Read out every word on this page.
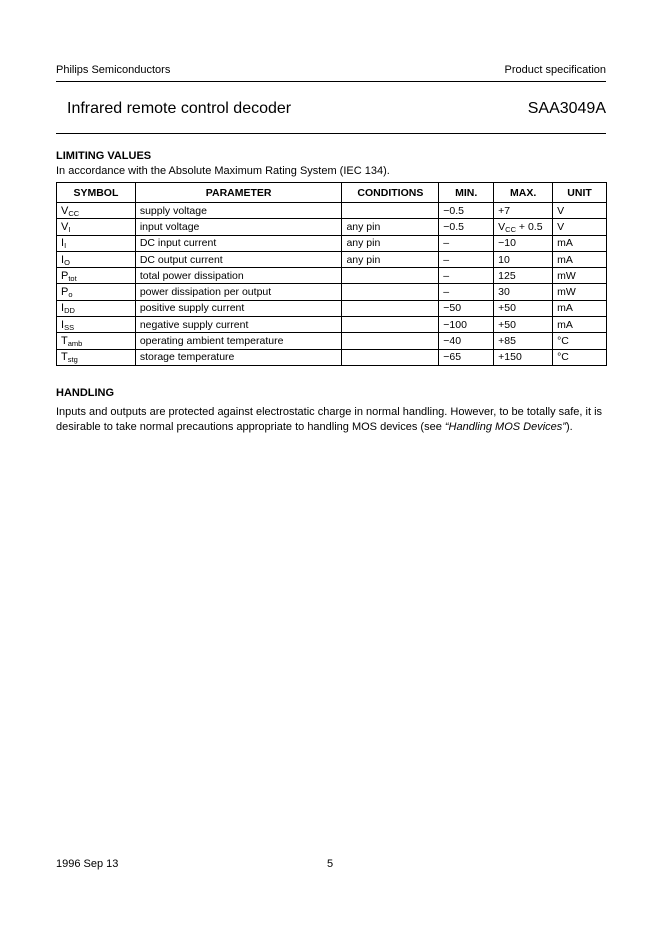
Philips Semiconductors	Product specification
Infrared remote control decoder	SAA3049A
LIMITING VALUES
In accordance with the Absolute Maximum Rating System (IEC 134).
SYMBOL	PARAMETER	CONDITIONS	MIN.	MAX.	UNIT
$V_{CC}$	supply voltage		−0.5	+7	V
$V_I$	input voltage	any pin	−0.5	$V_{CC} + 0.5$	V
$I_I$	DC input current	any pin	–	−10	mA
$I_O$	DC output current	any pin	–	10	mA
$P_{tot}$	total power dissipation		–	125	mW
$P_o$	power dissipation per output		–	30	mW
$I_{DD}$	positive supply current		−50	+50	mA
$I_{SS}$	negative supply current		−100	+50	mA
$T_{amb}$	operating ambient temperature		−40	+85	°C
$T_{stg}$	storage temperature		−65	+150	°C
HANDLING
Inputs and outputs are protected against electrostatic charge in normal handling. However, to be totally safe, it is
desirable to take normal precautions appropriate to handling MOS devices (see “Handling MOS Devices”).
1996 Sep 13	5
